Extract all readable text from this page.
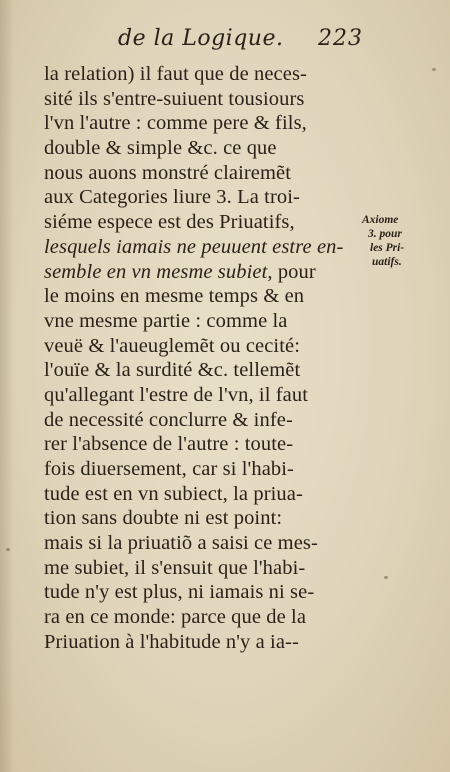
de la Logique. 223
la relation) il faut que de neces-
sité ils s'entre-suiuent tousiours
l'vn l'autre : comme pere & fils,
double & simple &c. ce que
nous auons monstré clairemẽt
aux Categories liure 3. La troi-
siéme espece est des Priuatifs,
lesquels iamais ne peuuent estre en-
semble en vn mesme subiet, pour
le moins en mesme temps & en
vne mesme partie : comme la
veuë & l'aueuglemẽt ou cecité:
l'ouïe & la surdité &c. tellemẽt
qu'allegant l'estre de l'vn, il faut
de necessité conclurre & infe-
rer l'absence de l'autre : toute-
fois diuersement, car si l'habi-
tude est en vn subiect, la priua-
tion sans doubte ni est point:
mais si la priuatiõ a saisi ce mes-
me subiet, il s'ensuit que l'habi-
tude n'y est plus, ni iamais ni se-
ra en ce monde: parce que de la
Priuation à l'habitude n'y a ia--
Axiome
3. pour
les Pri-
uatifs.
